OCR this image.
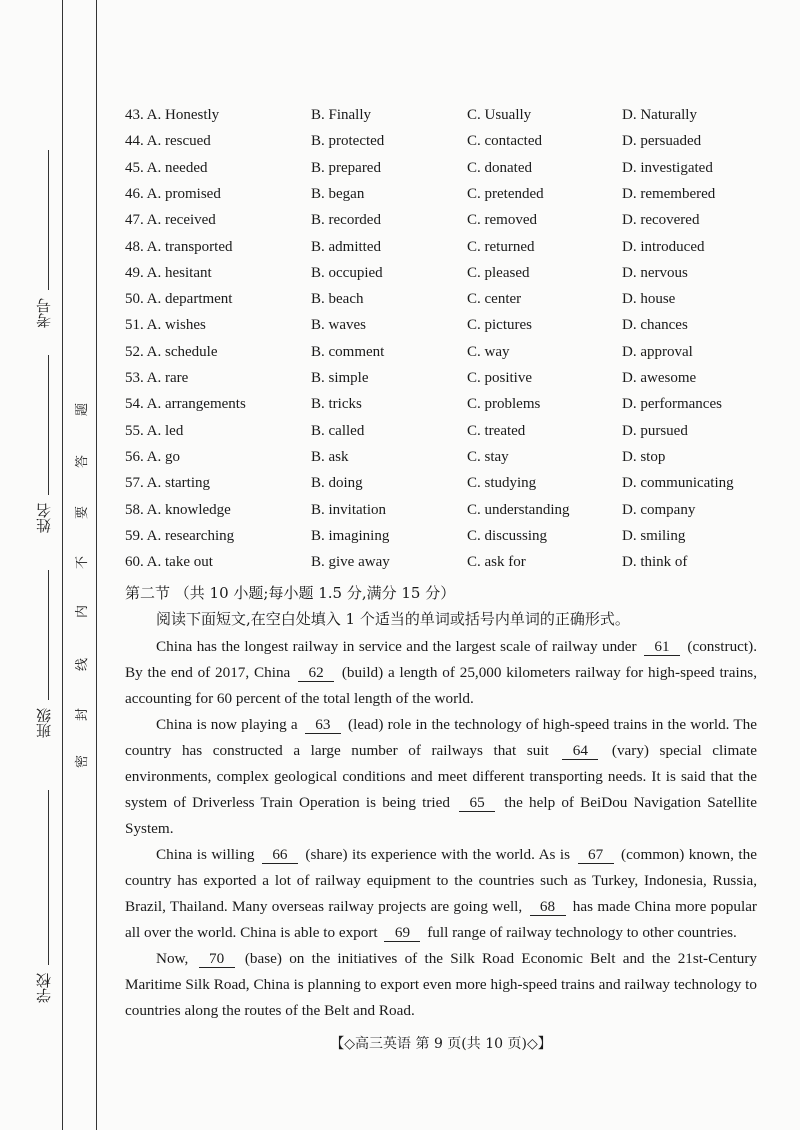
考号
姓名
班级
学校
题
答
要
不
内
线
封
密
43. A. Honestly	B. Finally	C. Usually	D. Naturally
44. A. rescued	B. protected	C. contacted	D. persuaded
45. A. needed	B. prepared	C. donated	D. investigated
46. A. promised	B. began	C. pretended	D. remembered
47. A. received	B. recorded	C. removed	D. recovered
48. A. transported	B. admitted	C. returned	D. introduced
49. A. hesitant	B. occupied	C. pleased	D. nervous
50. A. department	B. beach	C. center	D. house
51. A. wishes	B. waves	C. pictures	D. chances
52. A. schedule	B. comment	C. way	D. approval
53. A. rare	B. simple	C. positive	D. awesome
54. A. arrangements	B. tricks	C. problems	D. performances
55. A. led	B. called	C. treated	D. pursued
56. A. go	B. ask	C. stay	D. stop
57. A. starting	B. doing	C. studying	D. communicating
58. A. knowledge	B. invitation	C. understanding	D. company
59. A. researching	B. imagining	C. discussing	D. smiling
60. A. take out	B. give away	C. ask for	D. think of
第二节 （共 10 小题;每小题 1.5 分,满分 15 分）
阅读下面短文,在空白处填入 1 个适当的单词或括号内单词的正确形式。

China has the longest railway in service and the largest scale of railway under 61 (construct). By the end of 2017, China 62 (build) a length of 25,000 kilometers railway for high-speed trains, accounting for 60 percent of the total length of the world.

China is now playing a 63 (lead) role in the technology of high-speed trains in the world. The country has constructed a large number of railways that suit 64 (vary) special climate environments, complex geological conditions and meet different transporting needs. It is said that the system of Driverless Train Operation is being tried 65 the help of BeiDou Navigation Satellite System.

China is willing 66 (share) its experience with the world. As is 67 (common) known, the country has exported a lot of railway equipment to the countries such as Turkey, Indonesia, Russia, Brazil, Thailand. Many overseas railway projects are going well, 68 has made China more popular all over the world. China is able to export 69 full range of railway technology to other countries.

Now, 70 (base) on the initiatives of the Silk Road Economic Belt and the 21st-Century Maritime Silk Road, China is planning to export even more high-speed trains and railway technology to countries along the routes of the Belt and Road.

【◇高三英语 第 9 页(共 10 页)◇】
